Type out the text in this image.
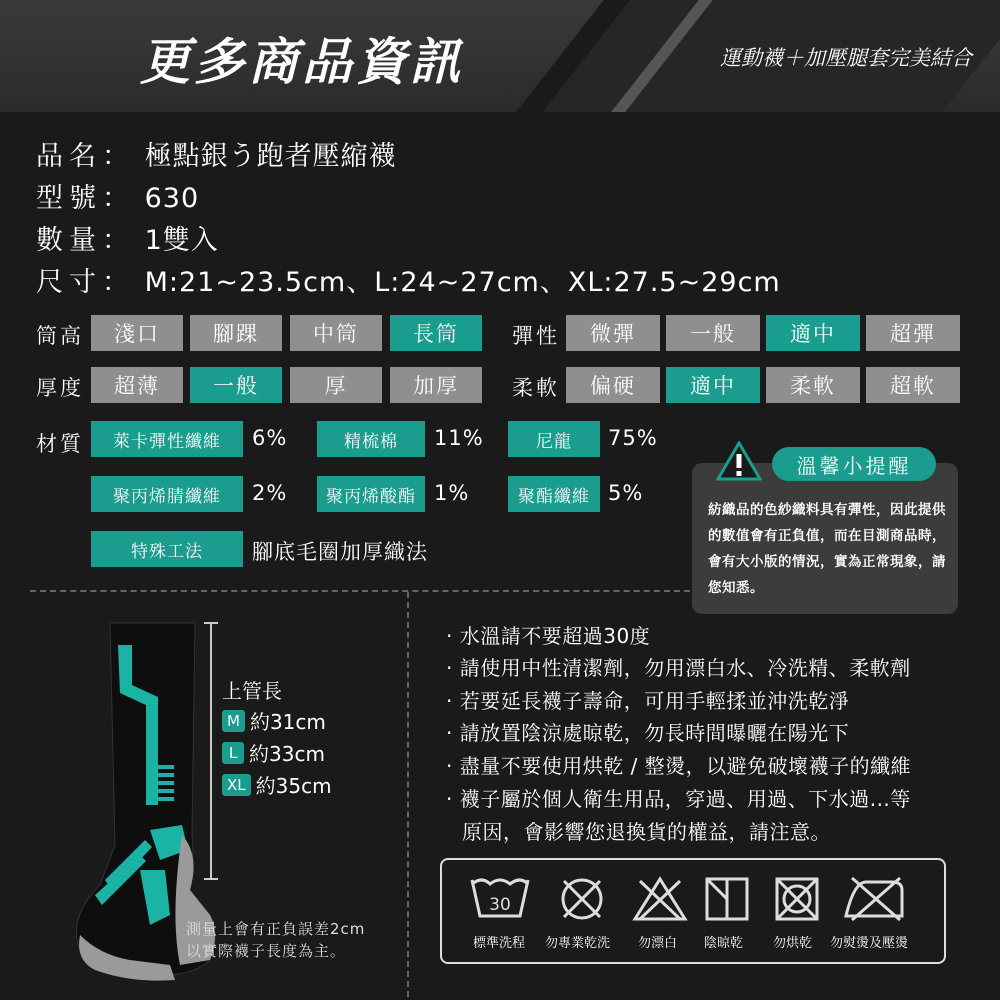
更多商品資訊	運動襪＋加壓腿套完美結合
品名： 極點銀う跑者壓縮襪
型號： 630
數量： 1雙入
尺寸： M:21~23.5cm、L:24~27cm、XL:27.5~29cm
筒高	淺口	腳踝	中筒	長筒	彈性	微彈	一般	適中	超彈
厚度	超薄	一般	厚	加厚	柔軟	偏硬	適中	柔軟	超軟
材質	萊卡彈性纖維	6%	精梳棉	11%	尼龍	75%
聚丙烯腈纖維	2%	聚丙烯酸酯 1%	聚酯纖維 5%
特殊工法	腳底毛圈加厚織法
溫馨小提醒
紡織品的色紗織料具有彈性，因此提供的數值會有正負值，而在目測商品時，會有大小版的情況，實為正常現象，請您知悉。
上管長
M 約31cm
L 約33cm
XL 約35cm
測量上會有正負誤差2cm
以實際襪子長度為主。
· 水溫請不要超過30度
· 請使用中性清潔劑，勿用漂白水、冷洗精、柔軟劑
· 若要延長襪子壽命，可用手輕揉並沖洗乾淨
· 請放置陰涼處晾乾，勿長時間曝曬在陽光下
· 盡量不要使用烘乾 / 整燙，以避免破壞襪子的纖維
· 襪子屬於個人衛生用品，穿過、用過、下水過...等
原因，會影響您退換貨的權益，請注意。
30
標準洗程 勿專業乾洗 勿漂白 陰晾乾 勿烘乾 勿熨燙及壓燙
